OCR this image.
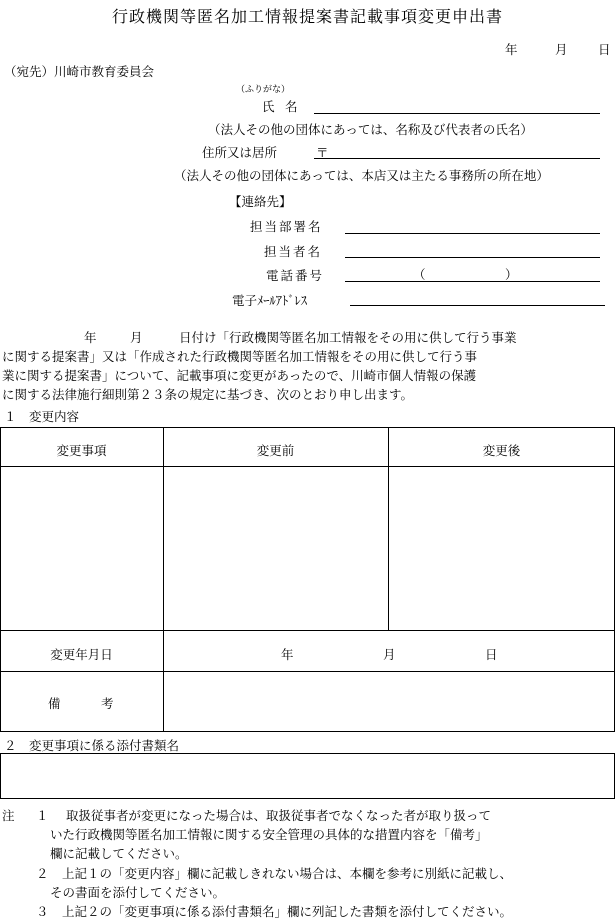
行政機関等匿名加工情報提案書記載事項変更申出書
年	月 日
（宛先）川崎市教育委員会
（ふりがな）
氏 名
（法人その他の団体にあっては、名称及び代表者の氏名）
住所又は居所	〒
（法人その他の団体にあっては、本店又は主たる事務所の所在地）
【連絡先】
担当部署名
担当者名
電話番号	（	）
電子ﾒｰﾙｱﾄﾞﾚｽ
年	月	日付け「行政機関等匿名加工情報をその用に供して行う事業
に関する提案書」又は「作成された行政機関等匿名加工情報をその用に供して行う事
業に関する提案書」について、記載事項に変更があったので、川崎市個人情報の保護
に関する法律施行細則第２３条の規定に基づき、次のとおり申し出ます。
１　変更内容
変更事項	変更前	変更後
変更年月日	年	月	日
備	考
２　変更事項に係る添付書類名
注 １ 取扱従事者が変更になった場合は、取扱従事者でなくなった者が取り扱って
いた行政機関等匿名加工情報に関する安全管理の具体的な措置内容を「備考」
欄に記載してください。
２ 上記１の「変更内容」欄に記載しきれない場合は、本欄を参考に別紙に記載し、
その書面を添付してください。
３ 上記２の「変更事項に係る添付書類名」欄に列記した書類を添付してください。
